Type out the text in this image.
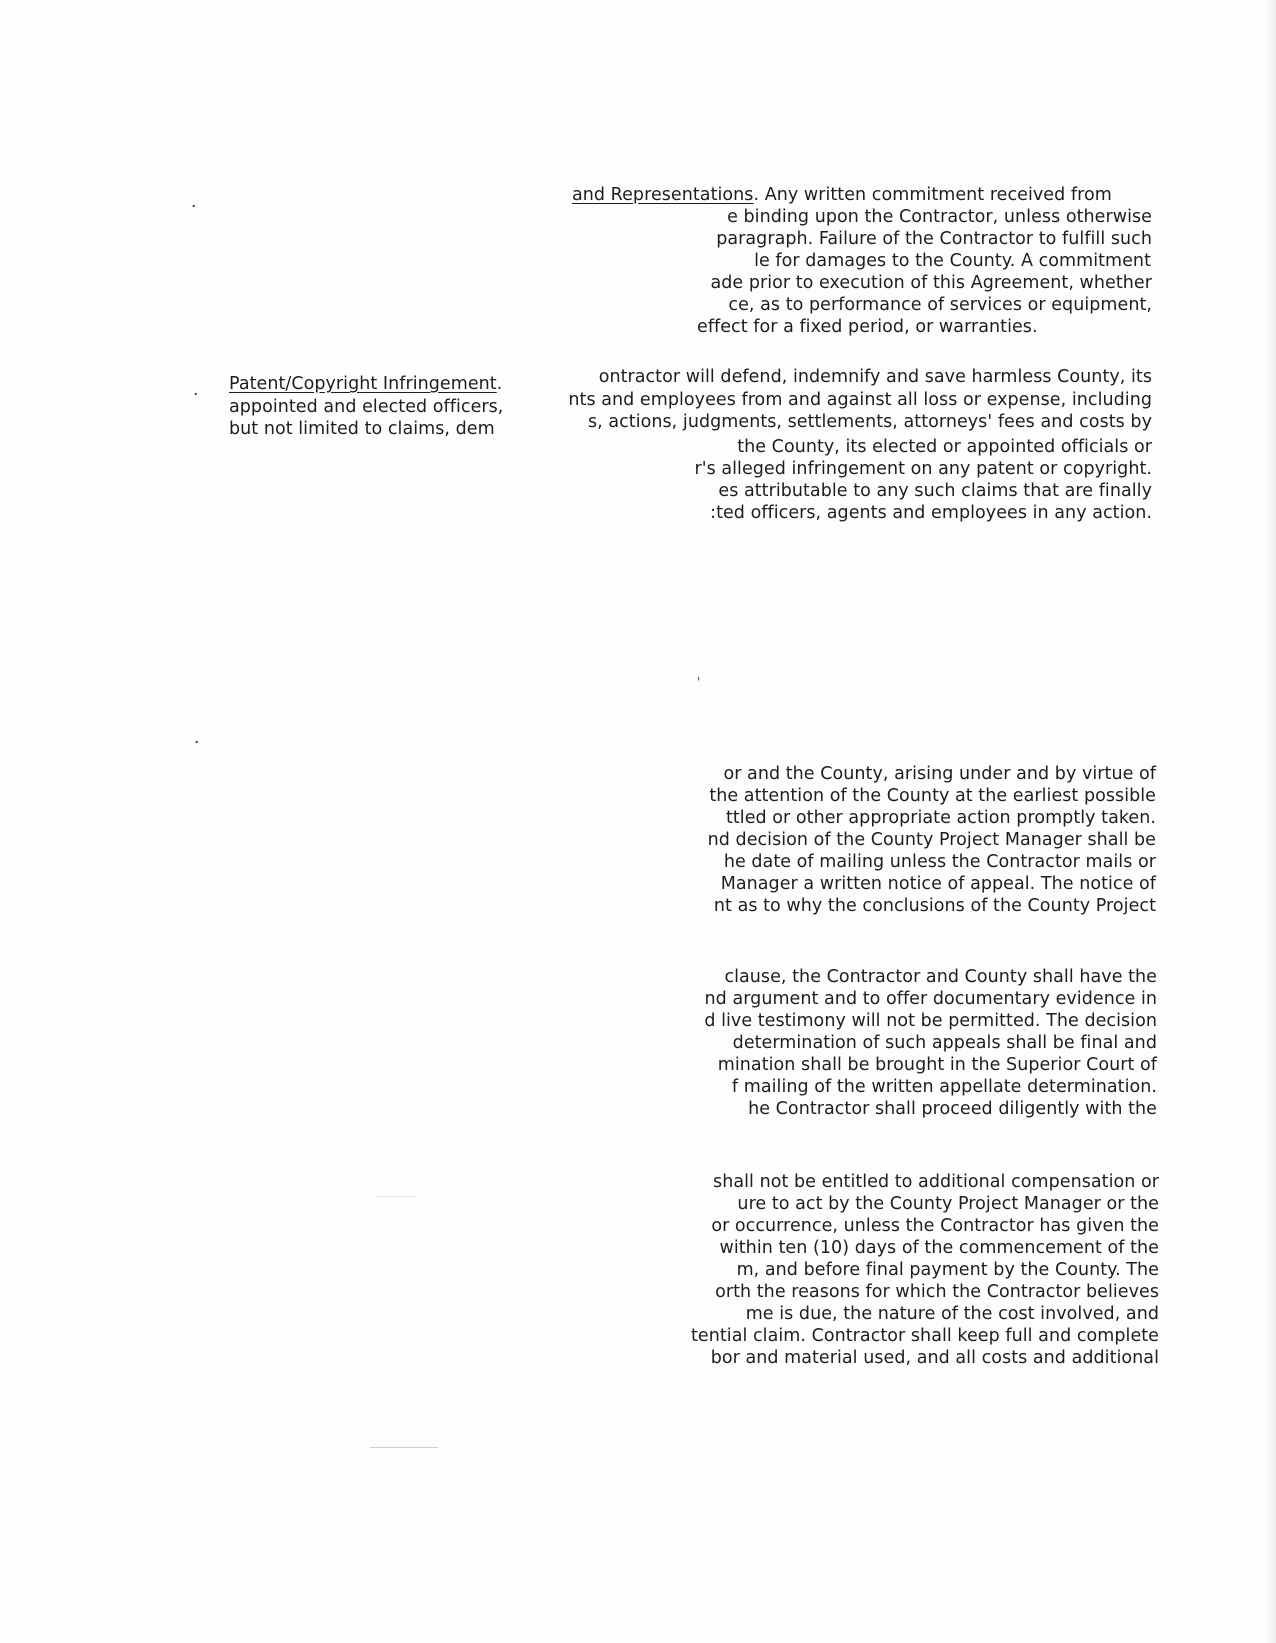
.	and Representations. Any written commitment received from
e binding upon the Contractor, unless otherwise
paragraph. Failure of the Contractor to fulfill such
le for damages to the County. A commitment
ade prior to execution of this Agreement, whether
ce, as to performance of services or equipment,
effect for a fixed period, or warranties.
. Patent/Copyright Infringement.
appointed and elected officers,
but not limited to claims, dem
ontractor will defend, indemnify and save harmless County, its
nts and employees from and against all loss or expense, including
s, actions, judgments, settlements, attorneys' fees and costs by
the County, its elected or appointed officials or
r's alleged infringement on any patent or copyright.
es attributable to any such claims that are finally
:ted officers, agents and employees in any action.
'
.
or and the County, arising under and by virtue of
the attention of the County at the earliest possible
ttled or other appropriate action promptly taken.
nd decision of the County Project Manager shall be
he date of mailing unless the Contractor mails or
Manager a written notice of appeal. The notice of
nt as to why the conclusions of the County Project
clause, the Contractor and County shall have the
nd argument and to offer documentary evidence in
d live testimony will not be permitted. The decision
determination of such appeals shall be final and
mination shall be brought in the Superior Court of
f mailing of the written appellate determination.
he Contractor shall proceed diligently with the
shall not be entitled to additional compensation or
ure to act by the County Project Manager or the
or occurrence, unless the Contractor has given the
within ten (10) days of the commencement of the
m, and before final payment by the County. The
orth the reasons for which the Contractor believes
me is due, the nature of the cost involved, and
tential claim. Contractor shall keep full and complete
bor and material used, and all costs and additional
